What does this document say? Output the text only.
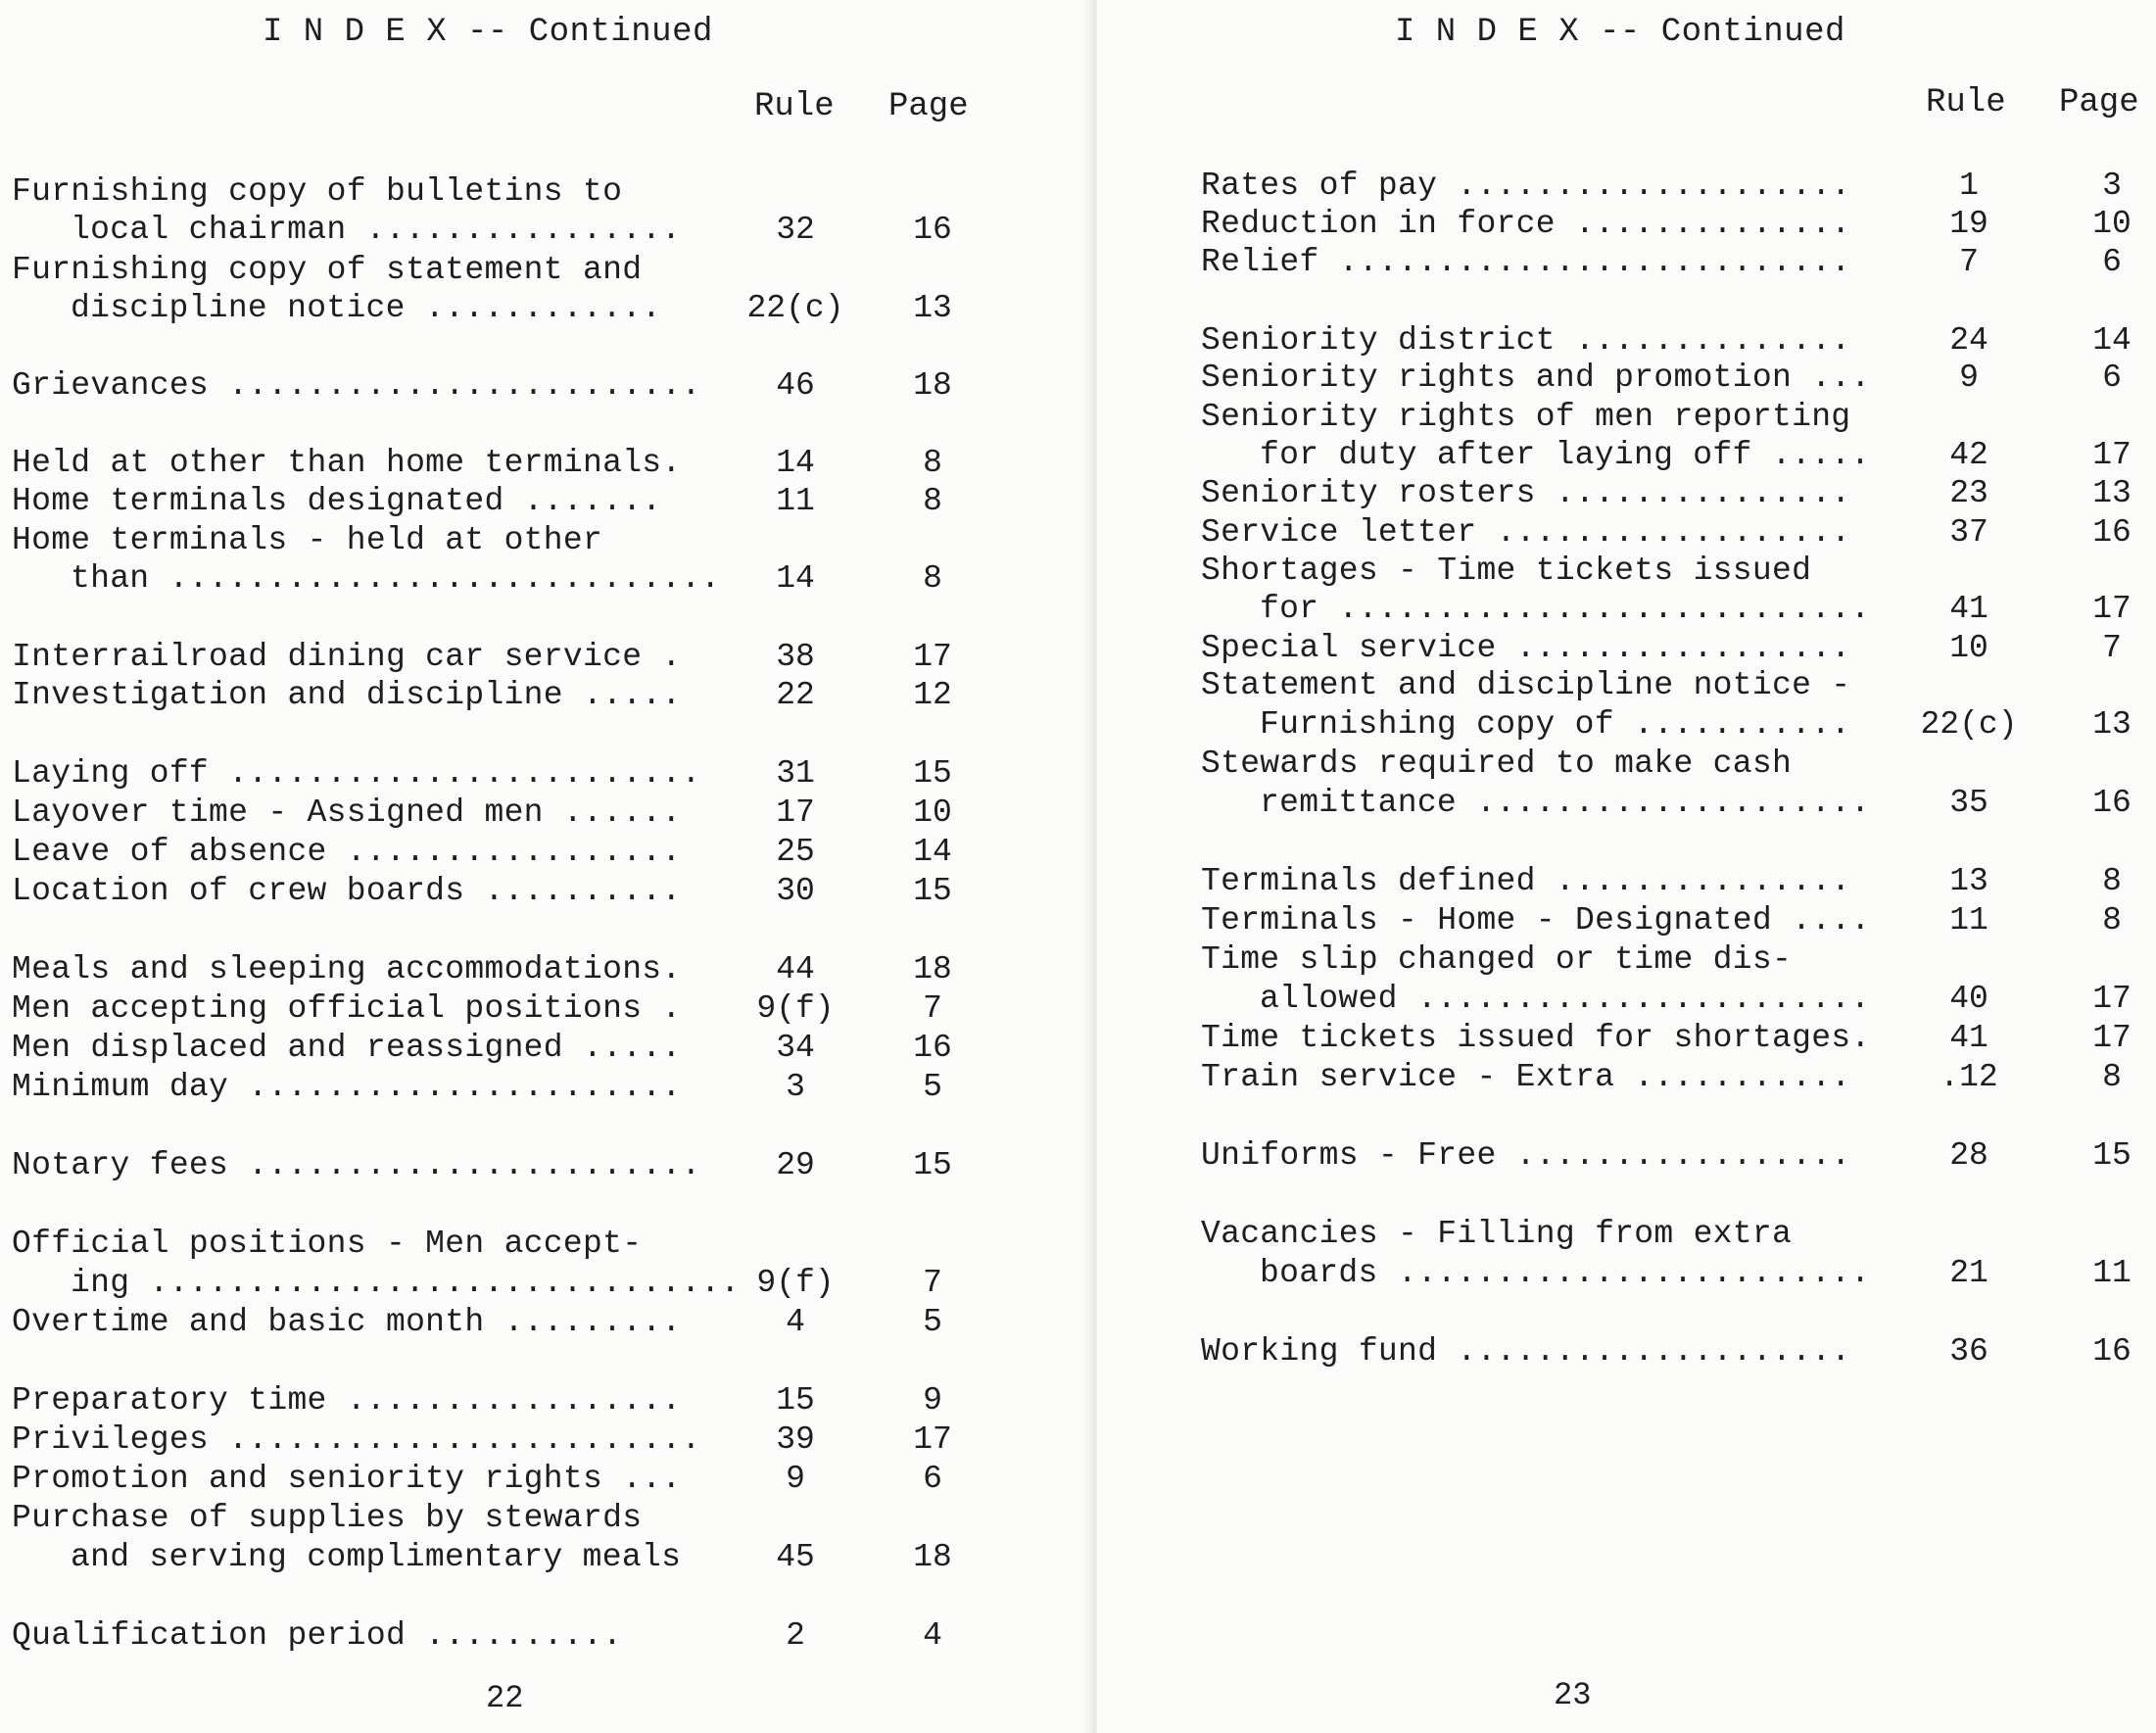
I N D E X -- Continued

Rule

Page

Furnishing copy of bulletins to
local chairman ................	32	16
Furnishing copy of statement and
discipline notice ............	22(c)	13
Grievances ........................	46	18
Held at other than home terminals.	14	8
Home terminals designated .......	11	8
Home terminals - held at other
than ............................	14	8
Interrailroad dining car service .	38	17
Investigation and discipline .....	22	12
Laying off ........................	31	15
Layover time - Assigned men ......	17	10
Leave of absence .................	25	14
Location of crew boards ..........	30	15
Meals and sleeping accommodations.	44	18
Men accepting official positions .	9(f)	7
Men displaced and reassigned .....	34	16
Minimum day ......................	3	5
Notary fees .......................	29	15
Official positions - Men accept-
ing .............................. 9(f)	7
Overtime and basic month .........	4	5
Preparatory time .................	15	9
Privileges ........................	39	17
Promotion and seniority rights ...	9	6
Purchase of supplies by stewards
and serving complimentary meals	45	18
Qualification period ..........	2	4
22
I N D E X -- Continued

Rule

Page

Rates of pay ....................	1	3
Reduction in force ..............	19	10
Relief ..........................	7	6
Seniority district ..............	24	14
Seniority rights and promotion ...	9	6
Seniority rights of men reporting
for duty after laying off .....	42	17
Seniority rosters ...............	23	13
Service letter ..................	37	16
Shortages - Time tickets issued
for ...........................	41	17
Special service .................	10	7
Statement and discipline notice -
Furnishing copy of ...........	22(c)	13
Stewards required to make cash
remittance ....................	35	16
Terminals defined ...............	13	8
Terminals - Home - Designated ....	11	8
Time slip changed or time dis-
allowed .......................	40	17
Time tickets issued for shortages.	41	17
Train service - Extra ...........	.12	8
Uniforms - Free .................	28	15
Vacancies - Filling from extra
boards ........................	21	11
Working fund ....................	36	16
23
